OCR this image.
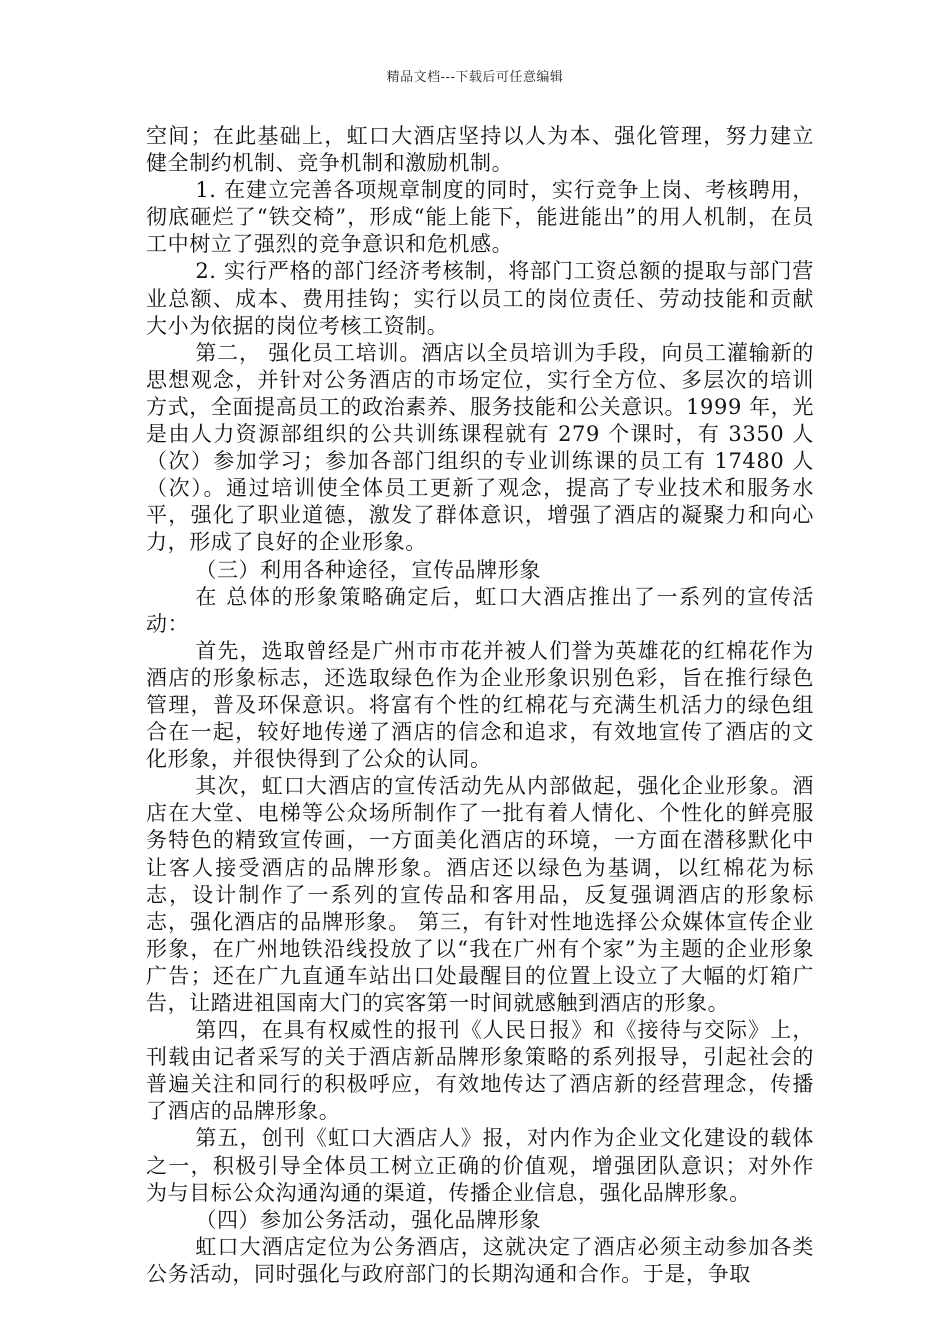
精品文档---下载后可任意编辑

空间；在此基础上，虹口大酒店坚持以人为本、强化管理，努力建立健全制约机制、竞争机制和激励机制。

1. 在建立完善各项规章制度的同时，实行竞争上岗、考核聘用，彻底砸烂了“铁交椅”，形成“能上能下，能进能出”的用人机制，在员工中树立了强烈的竞争意识和危机感。

2. 实行严格的部门经济考核制，将部门工资总额的提取与部门营业总额、成本、费用挂钩；实行以员工的岗位责任、劳动技能和贡献大小为依据的岗位考核工资制。

第二， 强化员工培训。酒店以全员培训为手段，向员工灌输新的思想观念，并针对公务酒店的市场定位，实行全方位、多层次的培训方式，全面提高员工的政治素养、服务技能和公关意识。1999 年，光是由人力资源部组织的公共训练课程就有 279 个课时，有 3350 人（次）参加学习；参加各部门组织的专业训练课的员工有 17480 人（次）。通过培训使全体员工更新了观念，提高了专业技术和服务水平，强化了职业道德，激发了群体意识，增强了酒店的凝聚力和向心力，形成了良好的企业形象。

（三）利用各种途径，宣传品牌形象

在 总体的形象策略确定后，虹口大酒店推出了一系列的宣传活动：

首先，选取曾经是广州市市花并被人们誉为英雄花的红棉花作为酒店的形象标志，还选取绿色作为企业形象识别色彩，旨在推行绿色管理，普及环保意识。将富有个性的红棉花与充满生机活力的绿色组合在一起，较好地传递了酒店的信念和追求，有效地宣传了酒店的文化形象，并很快得到了公众的认同。

其次，虹口大酒店的宣传活动先从内部做起，强化企业形象。酒店在大堂、电梯等公众场所制作了一批有着人情化、个性化的鲜亮服务特色的精致宣传画，一方面美化酒店的环境，一方面在潜移默化中让客人接受酒店的品牌形象。酒店还以绿色为基调，以红棉花为标志，设计制作了一系列的宣传品和客用品，反复强调酒店的形象标志，强化酒店的品牌形象。 第三，有针对性地选择公众媒体宣传企业形象，在广州地铁沿线投放了以“我在广州有个家”为主题的企业形象广告；还在广九直通车站出口处最醒目的位置上设立了大幅的灯箱广告，让踏进祖国南大门的宾客第一时间就感触到酒店的形象。

第四，在具有权威性的报刊《人民日报》和《接待与交际》上，刊载由记者采写的关于酒店新品牌形象策略的系列报导，引起社会的普遍关注和同行的积极呼应，有效地传达了酒店新的经营理念，传播了酒店的品牌形象。

第五，创刊《虹口大酒店人》报，对内作为企业文化建设的载体之一，积极引导全体员工树立正确的价值观，增强团队意识；对外作为与目标公众沟通沟通的渠道，传播企业信息，强化品牌形象。

（四）参加公务活动，强化品牌形象

虹口大酒店定位为公务酒店，这就决定了酒店必须主动参加各类公务活动，同时强化与政府部门的长期沟通和合作。于是，争取
